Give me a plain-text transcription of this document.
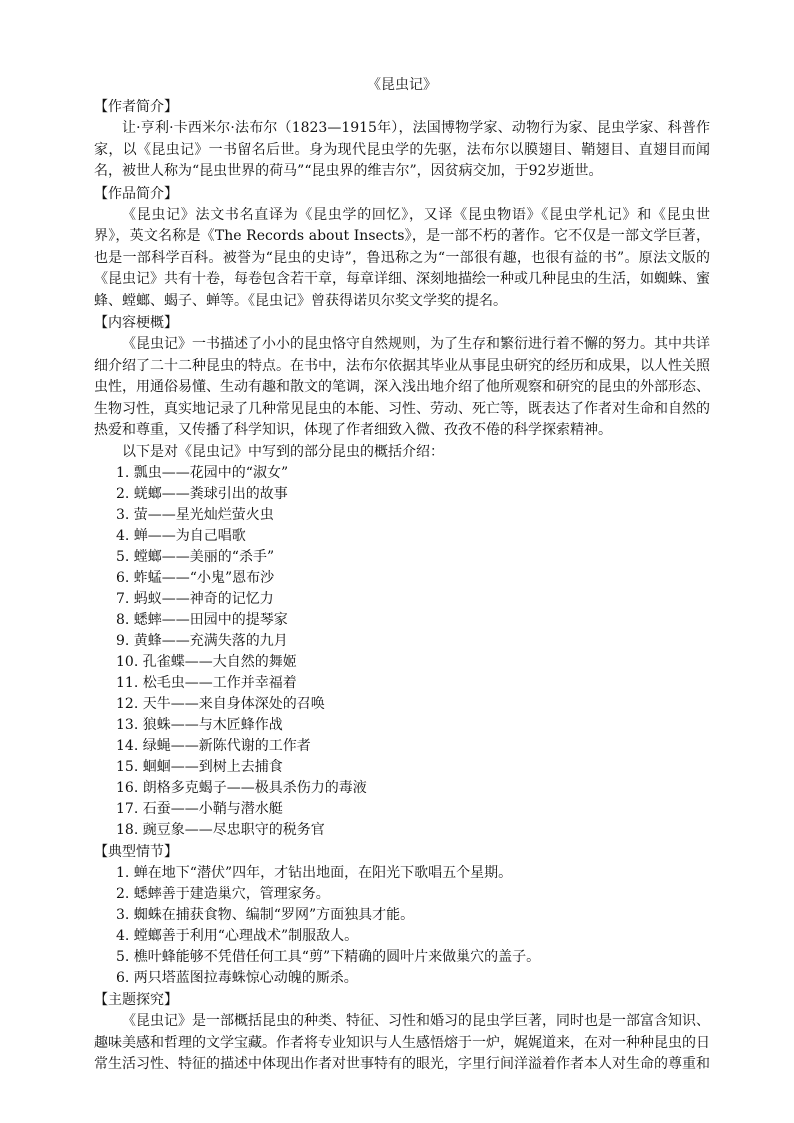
《昆虫记》
【作者简介】
让·亨利·卡西米尔·法布尔（1823—1915年），法国博物学家、动物行为家、昆虫学家、科普作家，以《昆虫记》一书留名后世。身为现代昆虫学的先驱，法布尔以膜翅目、鞘翅目、直翅目而闻名，被世人称为“昆虫世界的荷马”“昆虫界的维吉尔”，因贫病交加，于92岁逝世。
【作品简介】
《昆虫记》法文书名直译为《昆虫学的回忆》，又译《昆虫物语》《昆虫学札记》和《昆虫世界》，英文名称是《The Records about Insects》，是一部不朽的著作。它不仅是一部文学巨著，也是一部科学百科。被誉为“昆虫的史诗”，鲁迅称之为“一部很有趣，也很有益的书”。原法文版的《昆虫记》共有十卷，每卷包含若干章，每章详细、深刻地描绘一种或几种昆虫的生活，如蜘蛛、蜜蜂、螳螂、蝎子、蝉等。《昆虫记》曾获得诺贝尔奖文学奖的提名。
【内容梗概】
《昆虫记》一书描述了小小的昆虫恪守自然规则，为了生存和繁衍进行着不懈的努力。其中共详细介绍了二十二种昆虫的特点。在书中，法布尔依据其毕业从事昆虫研究的经历和成果，以人性关照虫性，用通俗易懂、生动有趣和散文的笔调，深入浅出地介绍了他所观察和研究的昆虫的外部形态、生物习性，真实地记录了几种常见昆虫的本能、习性、劳动、死亡等，既表达了作者对生命和自然的热爱和尊重，又传播了科学知识，体现了作者细致入微、孜孜不倦的科学探索精神。
以下是对《昆虫记》中写到的部分昆虫的概括介绍：
1. 瓢虫——花园中的“淑女”
2. 蜣螂——粪球引出的故事
3. 萤——星光灿烂萤火虫
4. 蝉——为自己唱歌
5. 螳螂——美丽的“杀手”
6. 蚱蜢——“小鬼”恩布沙
7. 蚂蚁——神奇的记忆力
8. 蟋蟀——田园中的提琴家
9. 黄蜂——充满失落的九月
10. 孔雀蝶——大自然的舞姬
11. 松毛虫——工作并幸福着
12. 天牛——来自身体深处的召唤
13. 狼蛛——与木匠蜂作战
14. 绿蝇——新陈代谢的工作者
15. 蛔蛔——到树上去捕食
16. 朗格多克蝎子——极具杀伤力的毒液
17. 石蚕——小鞘与潜水艇
18. 豌豆象——尽忠职守的税务官
【典型情节】
1. 蝉在地下“潜伏”四年，才钻出地面，在阳光下歌唱五个星期。
2. 蟋蟀善于建造巢穴，管理家务。
3. 蜘蛛在捕获食物、编制“罗网”方面独具才能。
4. 螳螂善于利用“心理战术”制服敌人。
5. 樵叶蜂能够不凭借任何工具“剪”下精确的圆叶片来做巢穴的盖子。
6. 两只塔蓝图拉毒蛛惊心动魄的厮杀。
【主题探究】
《昆虫记》是一部概括昆虫的种类、特征、习性和婚习的昆虫学巨著，同时也是一部富含知识、趣味美感和哲理的文学宝藏。作者将专业知识与人生感悟熔于一炉，娓娓道来，在对一种种昆虫的日常生活习性、特征的描述中体现出作者对世事特有的眼光，字里行间洋溢着作者本人对生命的尊重和
